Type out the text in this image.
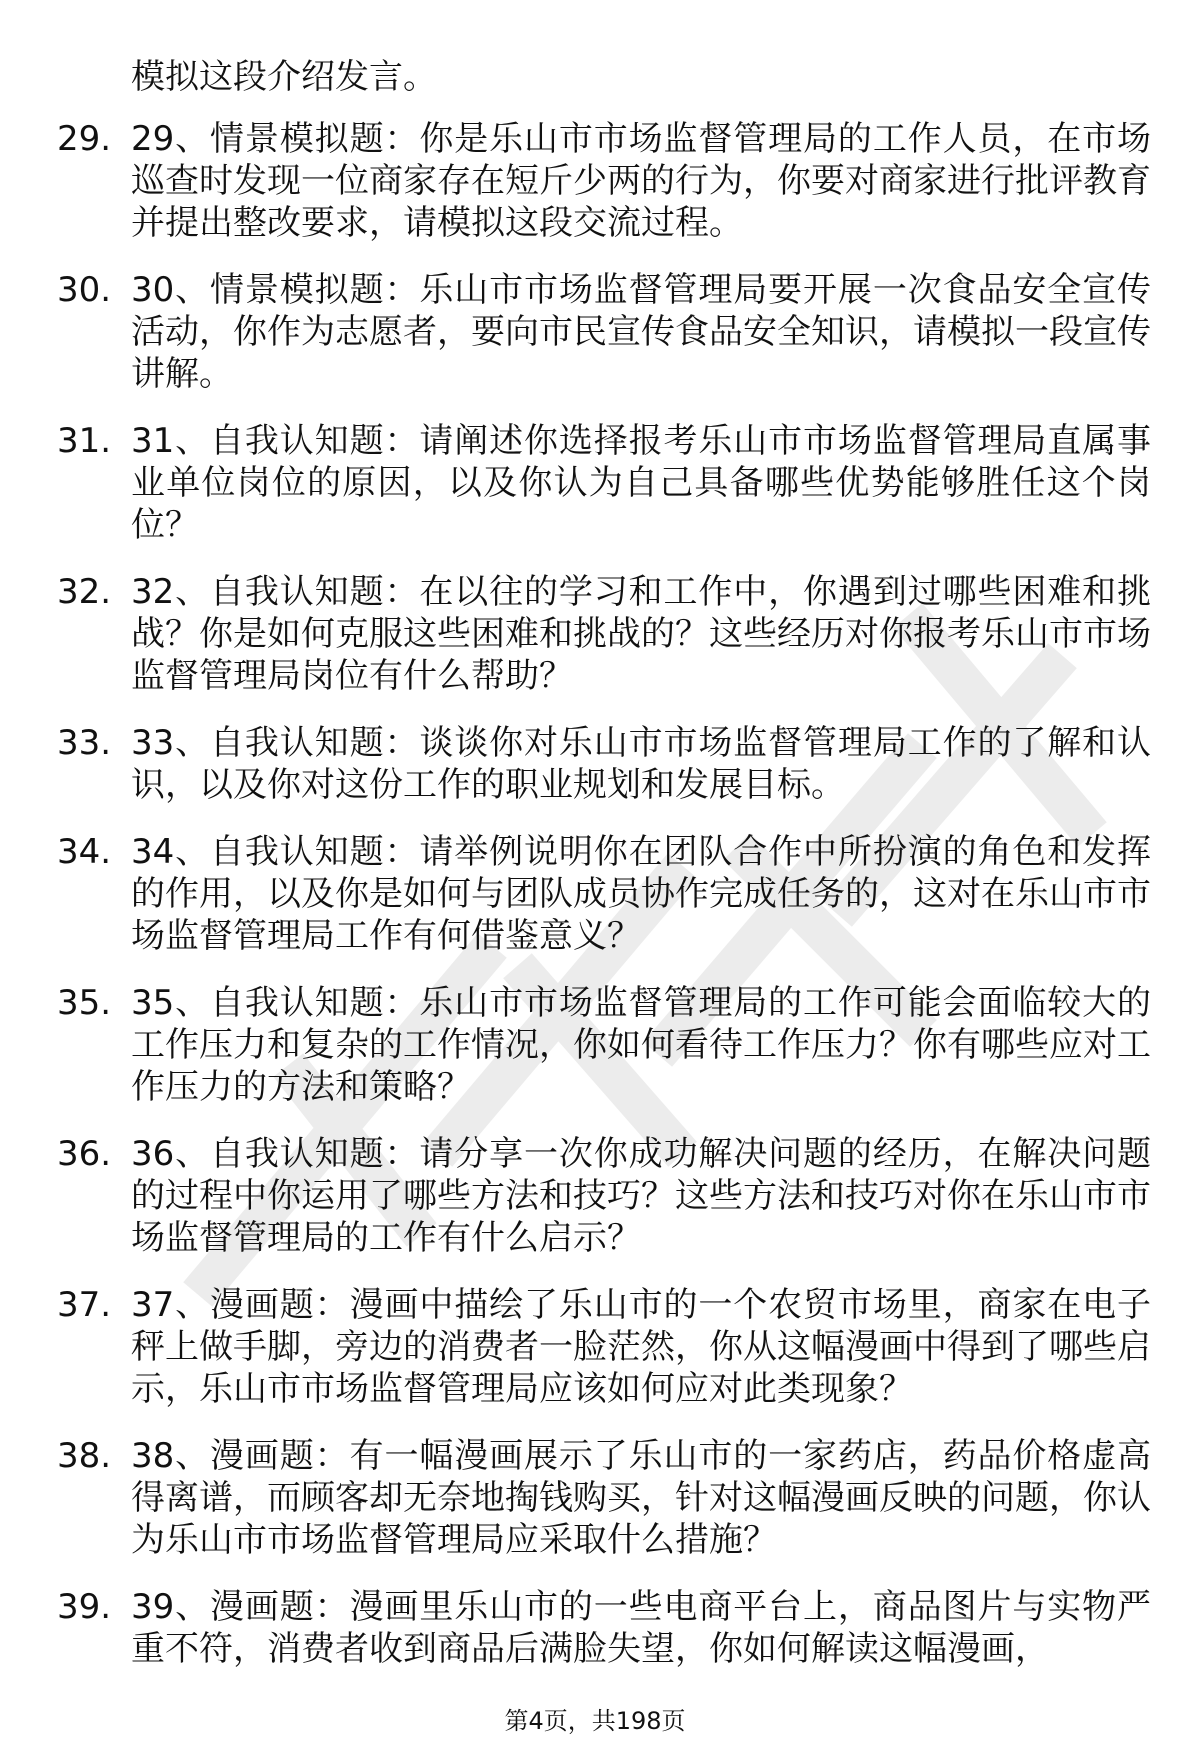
模拟这段介绍发言。

29. 29、情景模拟题：你是乐山市市场监督管理局的工作人员，在市场巡查时发现一位商家存在短斤少两的行为，你要对商家进行批评教育并提出整改要求，请模拟这段交流过程。
30. 30、情景模拟题：乐山市市场监督管理局要开展一次食品安全宣传活动，你作为志愿者，要向市民宣传食品安全知识，请模拟一段宣传讲解。
31. 31、自我认知题：请阐述你选择报考乐山市市场监督管理局直属事业单位岗位的原因，以及你认为自己具备哪些优势能够胜任这个岗位？
32. 32、自我认知题：在以往的学习和工作中，你遇到过哪些困难和挑战？你是如何克服这些困难和挑战的？这些经历对你报考乐山市市场监督管理局岗位有什么帮助？
33. 33、自我认知题：谈谈你对乐山市市场监督管理局工作的了解和认识，以及你对这份工作的职业规划和发展目标。
34. 34、自我认知题：请举例说明你在团队合作中所扮演的角色和发挥的作用，以及你是如何与团队成员协作完成任务的，这对在乐山市市场监督管理局工作有何借鉴意义？
35. 35、自我认知题：乐山市市场监督管理局的工作可能会面临较大的工作压力和复杂的工作情况，你如何看待工作压力？你有哪些应对工作压力的方法和策略？
36. 36、自我认知题：请分享一次你成功解决问题的经历，在解决问题的过程中你运用了哪些方法和技巧？这些方法和技巧对你在乐山市市场监督管理局的工作有什么启示？
37. 37、漫画题：漫画中描绘了乐山市的一个农贸市场里，商家在电子秤上做手脚，旁边的消费者一脸茫然，你从这幅漫画中得到了哪些启示，乐山市市场监督管理局应该如何应对此类现象？
38. 38、漫画题：有一幅漫画展示了乐山市的一家药店，药品价格虚高得离谱，而顾客却无奈地掏钱购买，针对这幅漫画反映的问题，你认为乐山市市场监督管理局应采取什么措施？
39. 39、漫画题：漫画里乐山市的一些电商平台上，商品图片与实物严重不符，消费者收到商品后满脸失望，你如何解读这幅漫画，
第4页，共198页
